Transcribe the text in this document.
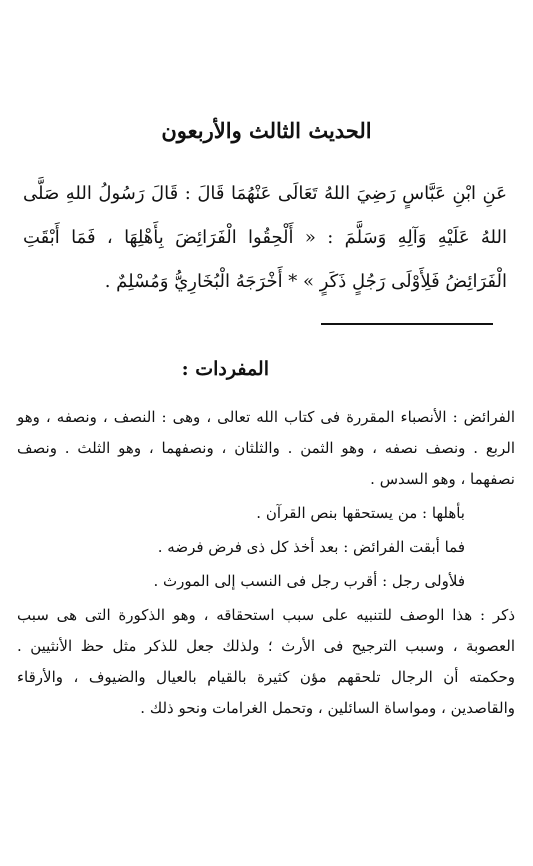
الحديث الثالث والأربعون
عَنِ ابْنِ عَبَّاسٍ رَضِيَ اللهُ تَعَالَى عَنْهُمَا قَالَ : قَالَ رَسُولُ اللهِ صَلَّى اللهُ عَلَيْهِ وَآلِهِ وَسَلَّمَ : « أَلْحِقُوا الْفَرَائِضَ بِأَهْلِهَا ، فَمَا أَبْقَتِ الْفَرَائِضُ فَلِأَوْلَى رَجُلٍ ذَكَرٍ » * أَخْرَجَهُ الْبُخَارِيُّ وَمُسْلِمٌ .
المفردات :

الفرائض : الأنصباء المقررة فى كتاب الله تعالى ، وهى : النصف ، ونصفه ، وهو الربع . ونصف نصفه ، وهو الثمن . والثلثان ، ونصفهما ، وهو الثلث . ونصف نصفهما ، وهو السدس .

بأهلها : من يستحقها بنص القرآن .

فما أبقت الفرائض : بعد أخذ كل ذى فرض فرضه .

فلأولى رجل : أقرب رجل فى النسب إلى المورث .

ذكر : هذا الوصف للتنبيه على سبب استحقاقه ، وهو الذكورة التى هى سبب العصوبة ، وسبب الترجيح فى الأرث ؛ ولذلك جعل للذكر مثل حظ الأنثيين . وحكمته أن الرجال تلحقهم مؤن كثيرة بالقيام بالعيال والضيوف ، والأرقاء والقاصدين ، ومواساة السائلين ، وتحمل الغرامات ونحو ذلك .
